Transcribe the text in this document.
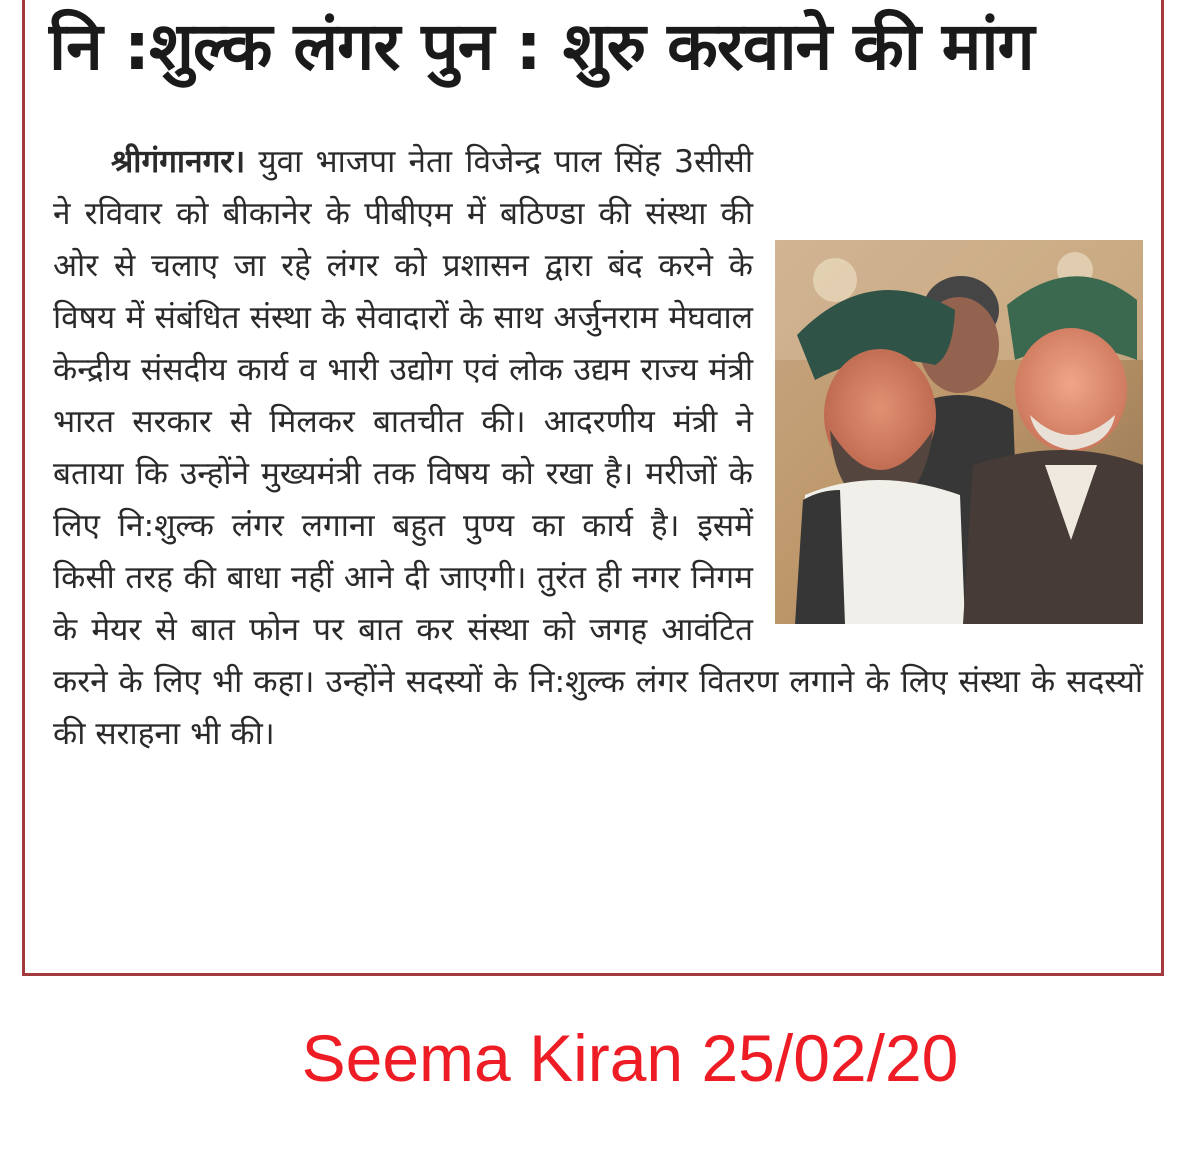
नि :शुल्क लंगर पुन : शुरु करवाने की मांग
श्रीगंगानगर। युवा भाजपा नेता विजेन्द्र पाल सिंह 3सीसी ने रविवार को बीकानेर के पीबीएम में बठिण्डा की संस्था की ओर से चलाए जा रहे लंगर को प्रशासन द्वारा बंद करने के विषय में संबंधित संस्था के सेवादारों के साथ अर्जुनराम मेघवाल केन्द्रीय संसदीय कार्य व भारी उद्योग एवं लोक उद्यम राज्य मंत्री भारत सरकार से मिलकर बातचीत की। आदरणीय मंत्री ने बताया कि उन्होंने मुख्यमंत्री तक विषय को रखा है। मरीजों के लिए नि:शुल्क लंगर लगाना बहुत पुण्य का कार्य है। इसमें किसी तरह की बाधा नहीं आने दी जाएगी। तुरंत ही नगर निगम के मेयर से बात फोन पर बात कर संस्था को जगह आवंटित करने के लिए भी कहा। उन्होंने सदस्यों के नि:शुल्क लंगर वितरण लगाने के लिए संस्था के सदस्यों की सराहना भी की।
Seema Kiran 25/02/20
